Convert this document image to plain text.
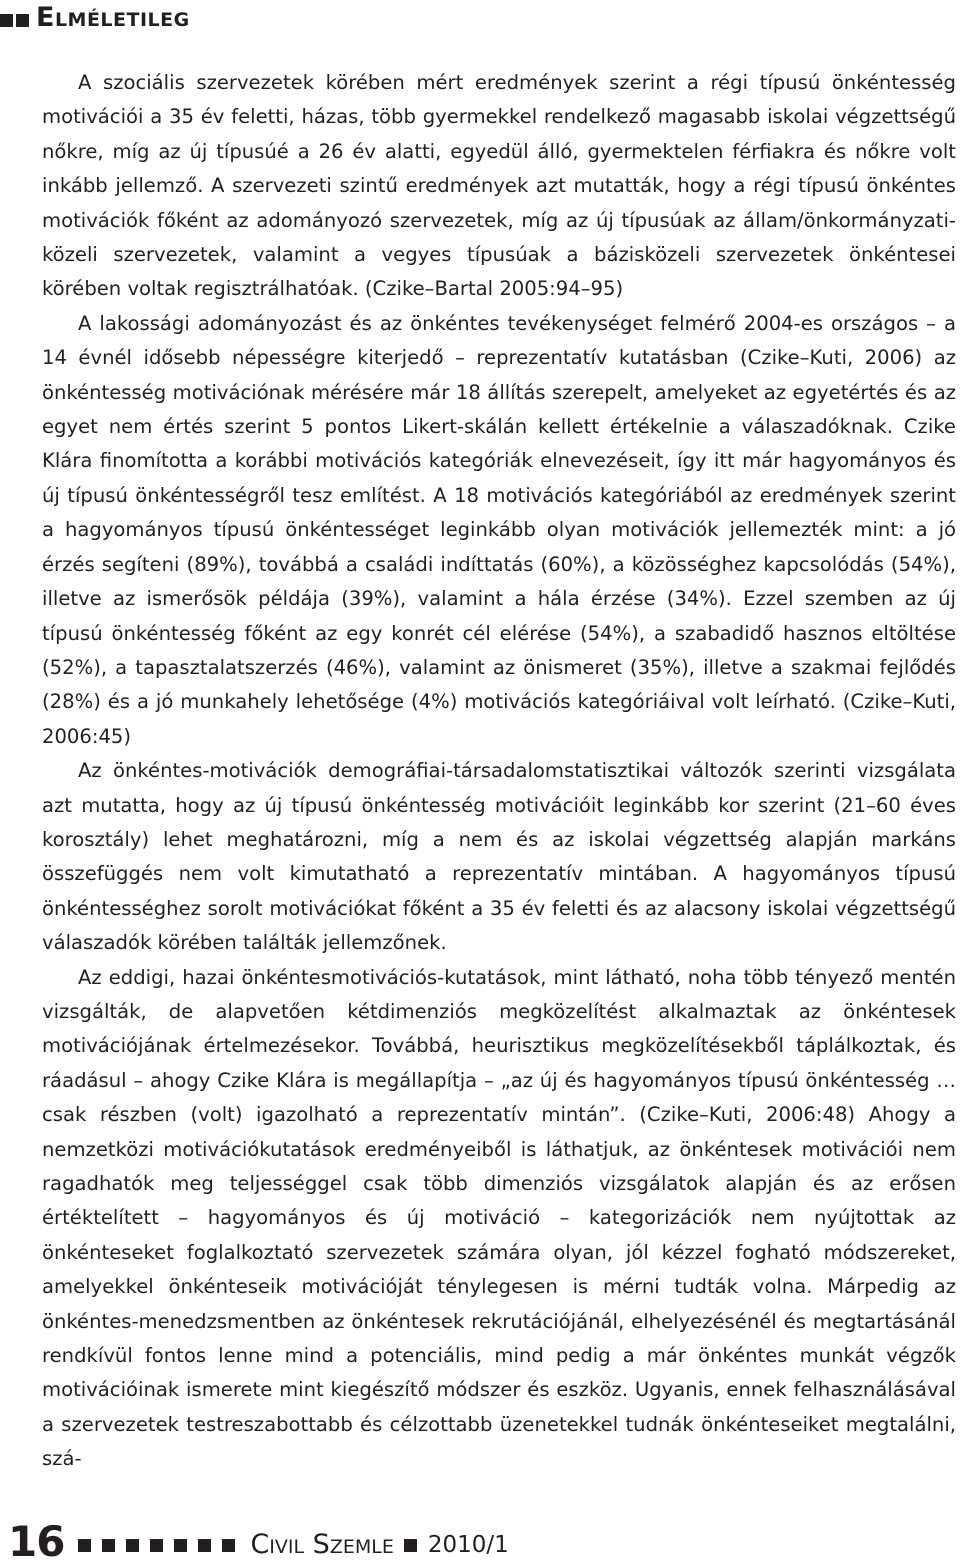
Elméletileg

A szociális szervezetek körében mért eredmények szerint a régi típusú önkéntesség motivációi a 35 év feletti, házas, több gyermekkel rendelkező magasabb iskolai végzettségű nőkre, míg az új típusúé a 26 év alatti, egyedül álló, gyermektelen férfiakra és nőkre volt inkább jellemző. A szervezeti szintű eredmények azt mutatták, hogy a régi típusú önkéntes motivációk főként az adományozó szervezetek, míg az új típusúak az állam/önkormányzati-közeli szervezetek, valamint a vegyes típusúak a bázisközeli szervezetek önkéntesei körében voltak regisztrálhatóak. (Czike–Bartal 2005:94–95)

A lakossági adományozást és az önkéntes tevékenységet felmérő 2004-es országos – a 14 évnél idősebb népességre kiterjedő – reprezentatív kutatásban (Czike–Kuti, 2006) az önkéntesség motivációnak mérésére már 18 állítás szerepelt, amelyeket az egyetértés és az egyet nem értés szerint 5 pontos Likert-skálán kellett értékelnie a válaszadóknak. Czike Klára finomította a korábbi motivációs kategóriák elnevezéseit, így itt már hagyományos és új típusú önkéntességről tesz említést. A 18 motivációs kategóriából az eredmények szerint a hagyományos típusú önkéntességet leginkább olyan motivációk jellemezték mint: a jó érzés segíteni (89%), továbbá a családi indíttatás (60%), a közösséghez kapcsolódás (54%), illetve az ismerősök példája (39%), valamint a hála érzése (34%). Ezzel szemben az új típusú önkéntesség főként az egy konrét cél elérése (54%), a szabadidő hasznos eltöltése (52%), a tapasztalatszerzés (46%), valamint az önismeret (35%), illetve a szakmai fejlődés (28%) és a jó munkahely lehetősége (4%) motivációs kategóriáival volt leírható. (Czike–Kuti, 2006:45)

Az önkéntes-motivációk demográfiai-társadalomstatisztikai változók szerinti vizsgálata azt mutatta, hogy az új típusú önkéntesség motivációit leginkább kor szerint (21–60 éves korosztály) lehet meghatározni, míg a nem és az iskolai végzettség alapján markáns összefüggés nem volt kimutatható a reprezentatív mintában. A hagyományos típusú önkéntességhez sorolt motivációkat főként a 35 év feletti és az alacsony iskolai végzettségű válaszadók körében találták jellemzőnek.

Az eddigi, hazai önkéntesmotivációs-kutatások, mint látható, noha több tényező mentén vizsgálták, de alapvetően kétdimenziós megközelítést alkalmaztak az önkéntesek motivációjának értelmezésekor. Továbbá, heurisztikus megközelítésekből táplálkoztak, és ráadásul – ahogy Czike Klára is megállapítja – „az új és hagyományos típusú önkéntesség … csak részben (volt) igazolható a reprezentatív mintán”. (Czike–Kuti, 2006:48) Ahogy a nemzetközi motivációkutatások eredményeiből is láthatjuk, az önkéntesek motivációi nem ragadhatók meg teljességgel csak több dimenziós vizsgálatok alapján és az erősen értéktelített – hagyományos és új motiváció – kategorizációk nem nyújtottak az önkénteseket foglalkoztató szervezetek számára olyan, jól kézzel fogható módszereket, amelyekkel önkénteseik motivációját ténylegesen is mérni tudták volna. Márpedig az önkéntes-menedzsmentben az önkéntesek rekrutációjánál, elhelyezésénél és megtartásánál rendkívül fontos lenne mind a potenciális, mind pedig a már önkéntes munkát végzők motivációinak ismerete mint kiegészítő módszer és eszköz. Ugyanis, ennek felhasználásával a szervezetek testreszabottabb és célzottabb üzenetekkel tudnák önkénteseiket megtalálni, szá-

16	Civil Szemle 2010/1
